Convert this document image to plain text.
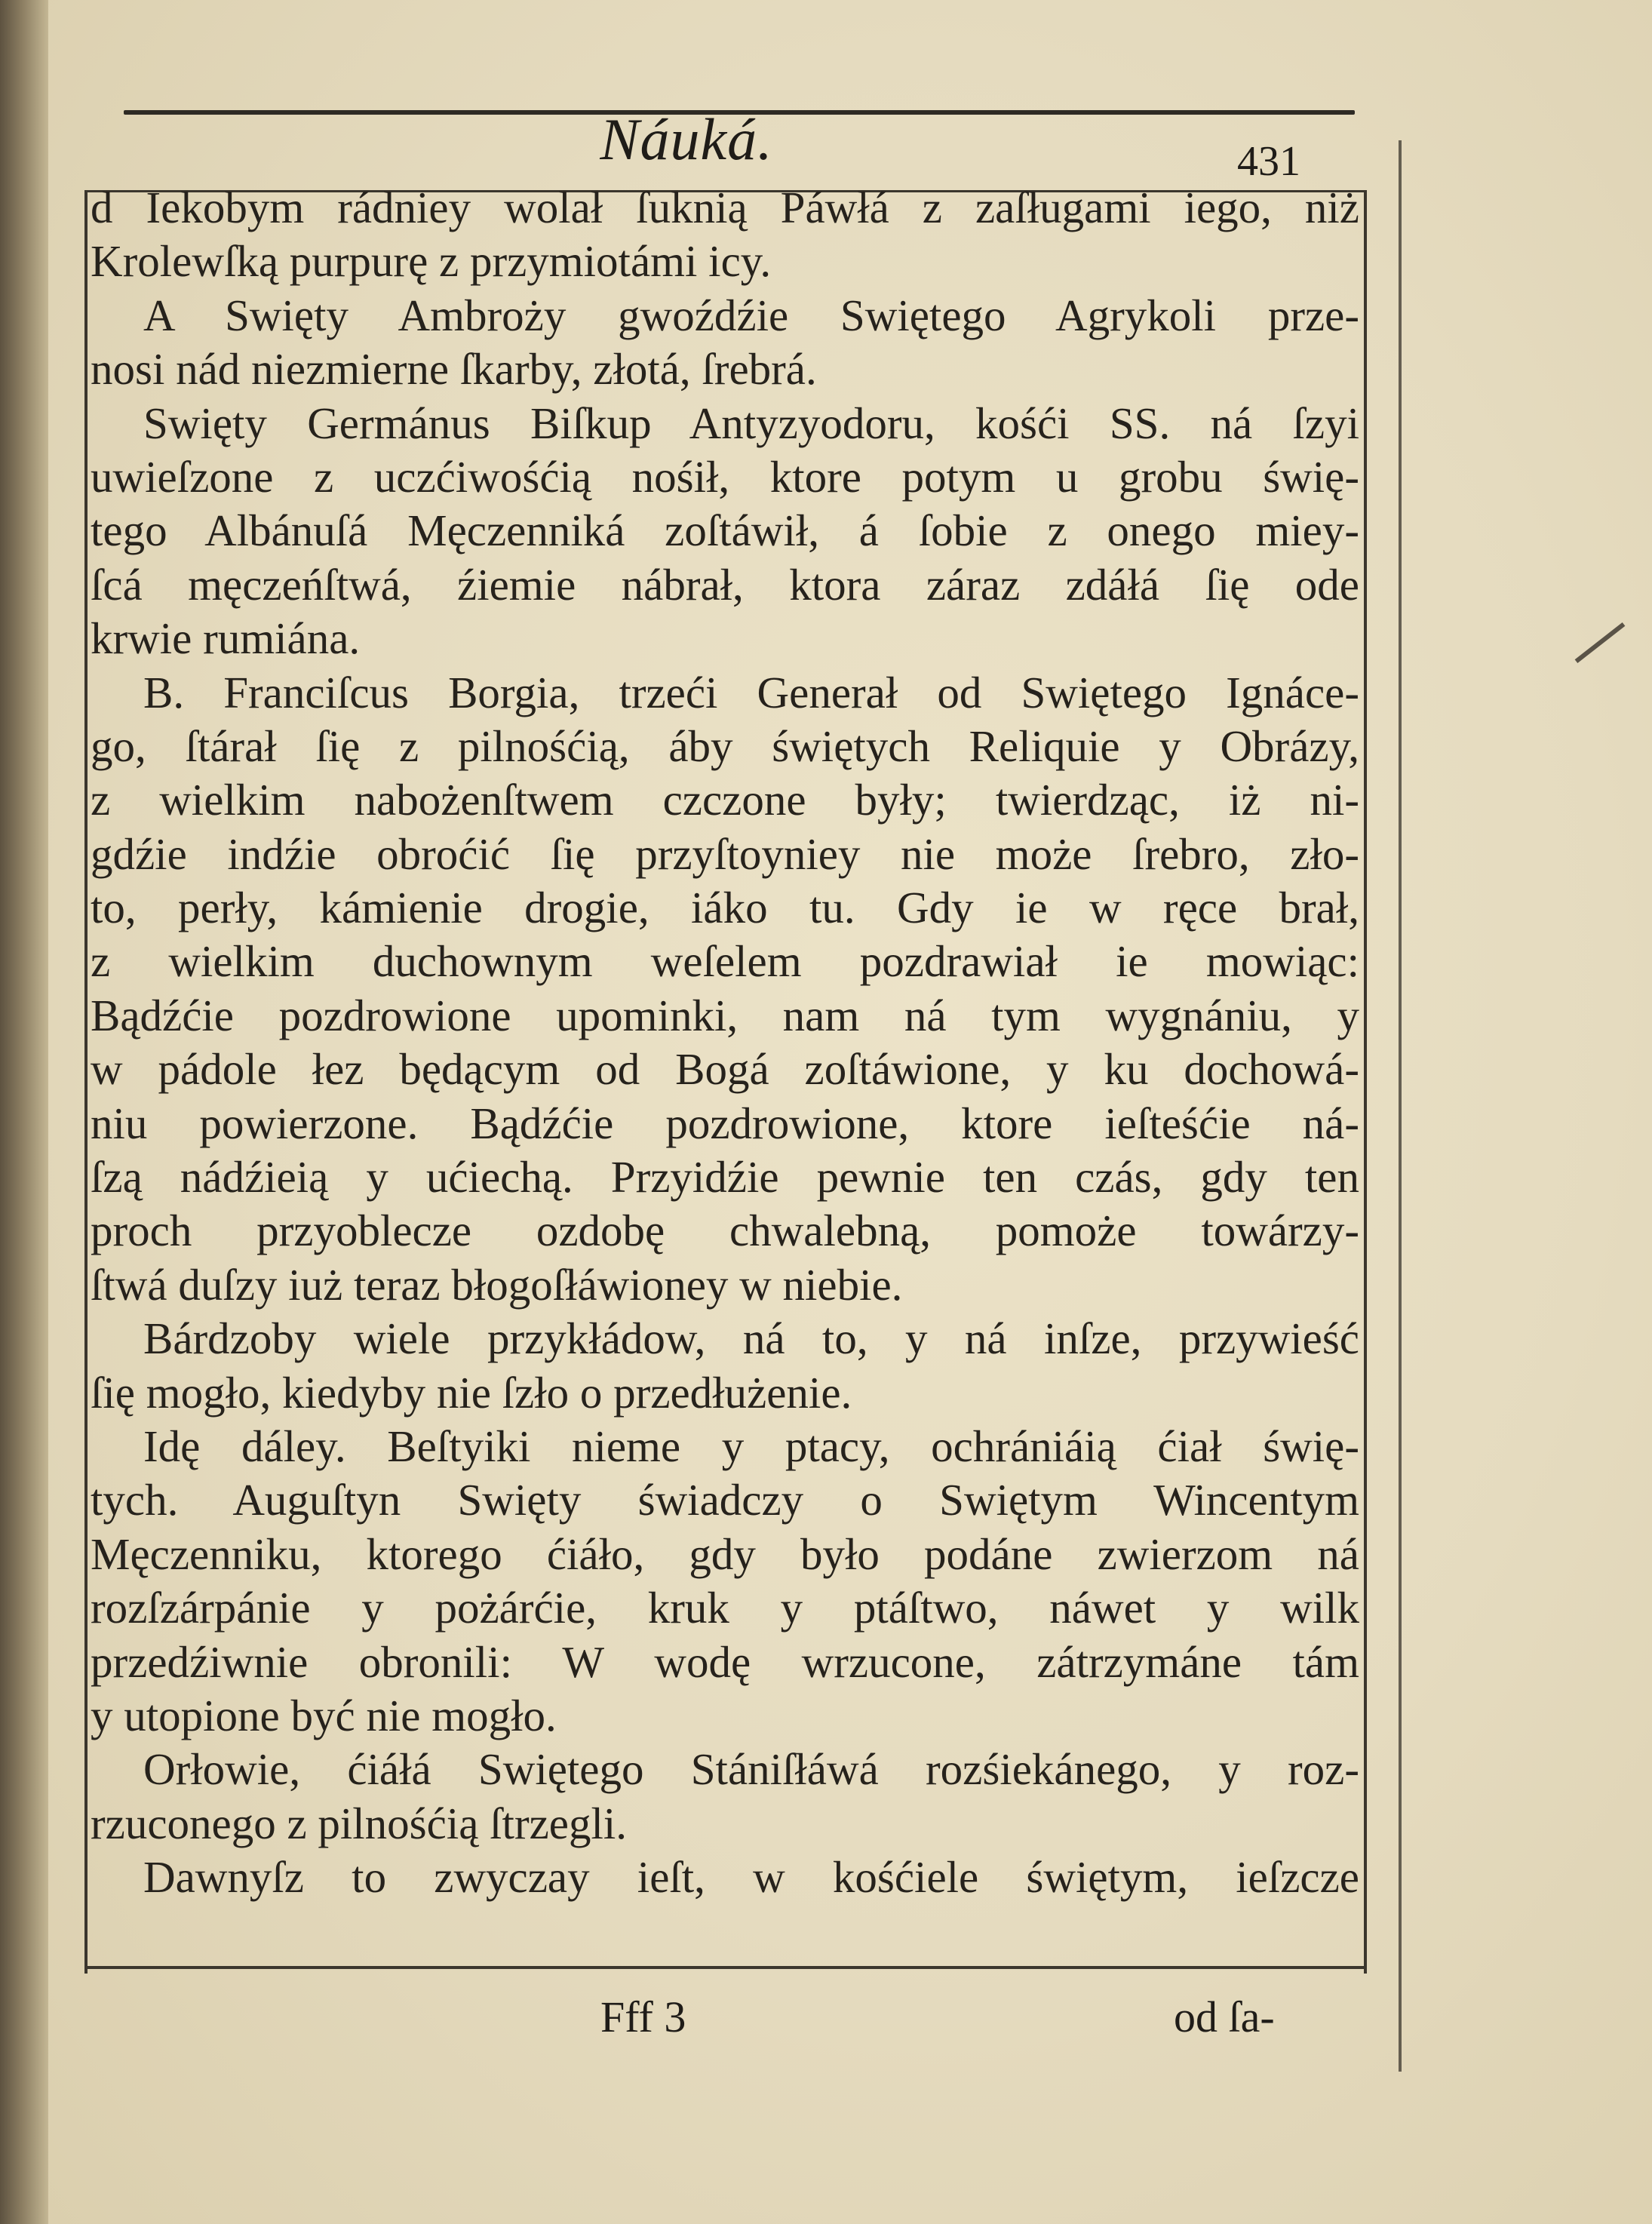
Náuká.	431
d Iekobym rádniey wolał ſuknią Páwłá z zaſługami iego, niż
Krolewſką purpurę z przymiotámi icy.
A Swięty Ambroży gwoźdźie Swiętego Agrykoli prze-
nosi nád niezmierne ſkarby, złotá, ſrebrá.
Swięty Germánus Biſkup Antyzyodoru, kośći SS. ná ſzyi
uwieſzone z uczćiwośćią nośił, ktore potym u grobu świę-
tego Albánuſá Męczenniká zoſtáwił, á ſobie z onego miey-
ſcá męczeńſtwá, źiemie nábrał, ktora záraz zdáłá ſię ode
krwie rumiána.
B. Franciſcus Borgia, trzeći Generał od Swiętego Ignáce-
go, ſtárał ſię z pilnośćią, áby świętych Reliquie y Obrázy,
z wielkim nabożenſtwem czczone były; twierdząc, iż ni-
gdźie indźie obroćić ſię przyſtoyniey nie może ſrebro, zło-
to, perły, kámienie drogie, iáko tu. Gdy ie w ręce brał,
z wielkim duchownym weſelem pozdrawiał ie mowiąc:
Bądźćie pozdrowione upominki, nam ná tym wygnániu, y
w pádole łez będącym od Bogá zoſtáwione, y ku dochowá-
niu powierzone. Bądźćie pozdrowione, ktore ieſteśćie ná-
ſzą nádźieią y ućiechą. Przyidźie pewnie ten czás, gdy ten
proch przyoblecze ozdobę chwalebną, pomoże towárzy-
ſtwá duſzy iuż teraz błogoſłáwioney w niebie.
Bárdzoby wiele przykłádow, ná to, y ná inſze, przywieść
ſię mogło, kiedyby nie ſzło o przedłużenie.
Idę dáley. Beſtyiki nieme y ptacy, ochrániáią ćiał świę-
tych. Auguſtyn Swięty świadczy o Swiętym Wincentym
Męczenniku, ktorego ćiáło, gdy było podáne zwierzom ná
rozſzárpánie y pożárćie, kruk y ptáſtwo, náwet y wilk
przedźiwnie obronili: W wodę wrzucone, zátrzymáne tám
y utopione być nie mogło.
Orłowie, ćiáłá Swiętego Stániſłáwá rozśiekánego, y roz-
rzuconego z pilnośćią ſtrzegli.
Dawnyſz to zwyczay ieſt, w kośćiele świętym, ieſzcze
Fff 3	od ſa-
